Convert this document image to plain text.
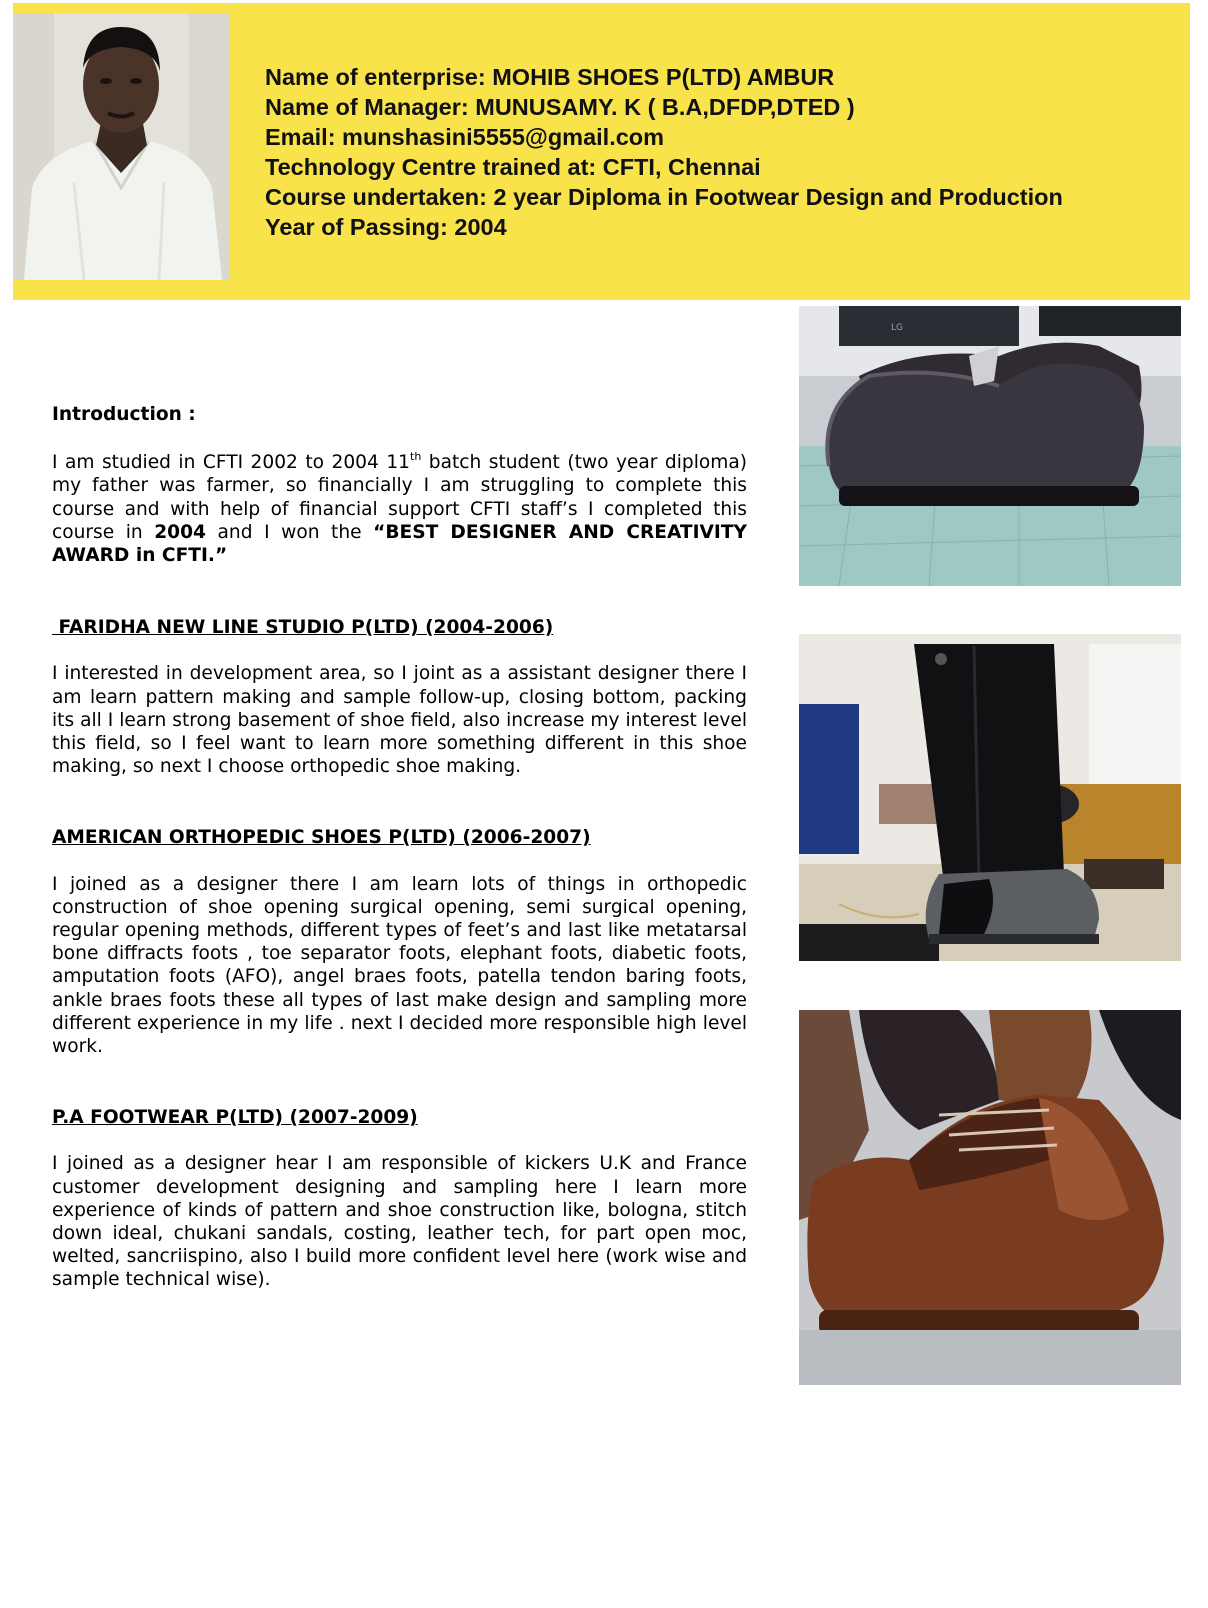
Name of enterprise: MOHIB SHOES P(LTD) AMBUR
Name of Manager: MUNUSAMY. K ( B.A,DFDP,DTED )
Email: munshasini5555@gmail.com
Technology Centre trained at: CFTI, Chennai
Course undertaken: 2 year Diploma in Footwear Design and Production
Year of Passing: 2004
Introduction :

I am studied in CFTI 2002 to 2004 11th batch student (two year diploma) my father was farmer, so financially I am struggling to complete this course and with help of financial support CFTI staff’s I completed this course in 2004 and I won the “BEST DESIGNER AND CREATIVITY AWARD in CFTI.”

FARIDHA NEW LINE STUDIO P(LTD) (2004-2006)

I interested in development area, so I joint as a assistant designer there I am learn pattern making and sample follow-up, closing bottom, packing its all I learn strong basement of shoe field, also increase my interest level this field, so I feel want to learn more something different in this shoe making, so next I choose orthopedic shoe making.

AMERICAN ORTHOPEDIC SHOES P(LTD) (2006-2007)

I joined as a designer there I am learn lots of things in orthopedic construction of shoe opening surgical opening, semi surgical opening, regular opening methods, different types of feet’s and last like metatarsal bone diffracts foots , toe separator foots, elephant foots, diabetic foots, amputation foots (AFO), angel braes foots, patella tendon baring foots, ankle braes foots these all types of last make design and sampling more different experience in my life . next I decided more responsible high level work.

P.A FOOTWEAR P(LTD) (2007-2009)

I joined as a designer hear I am responsible of kickers U.K and France customer development designing and sampling here I learn more experience of kinds of pattern and shoe construction like, bologna, stitch down ideal, chukani sandals, costing, leather tech, for part open moc, welted, sancriispino, also I build more confident level here (work wise and sample technical wise).

LG
